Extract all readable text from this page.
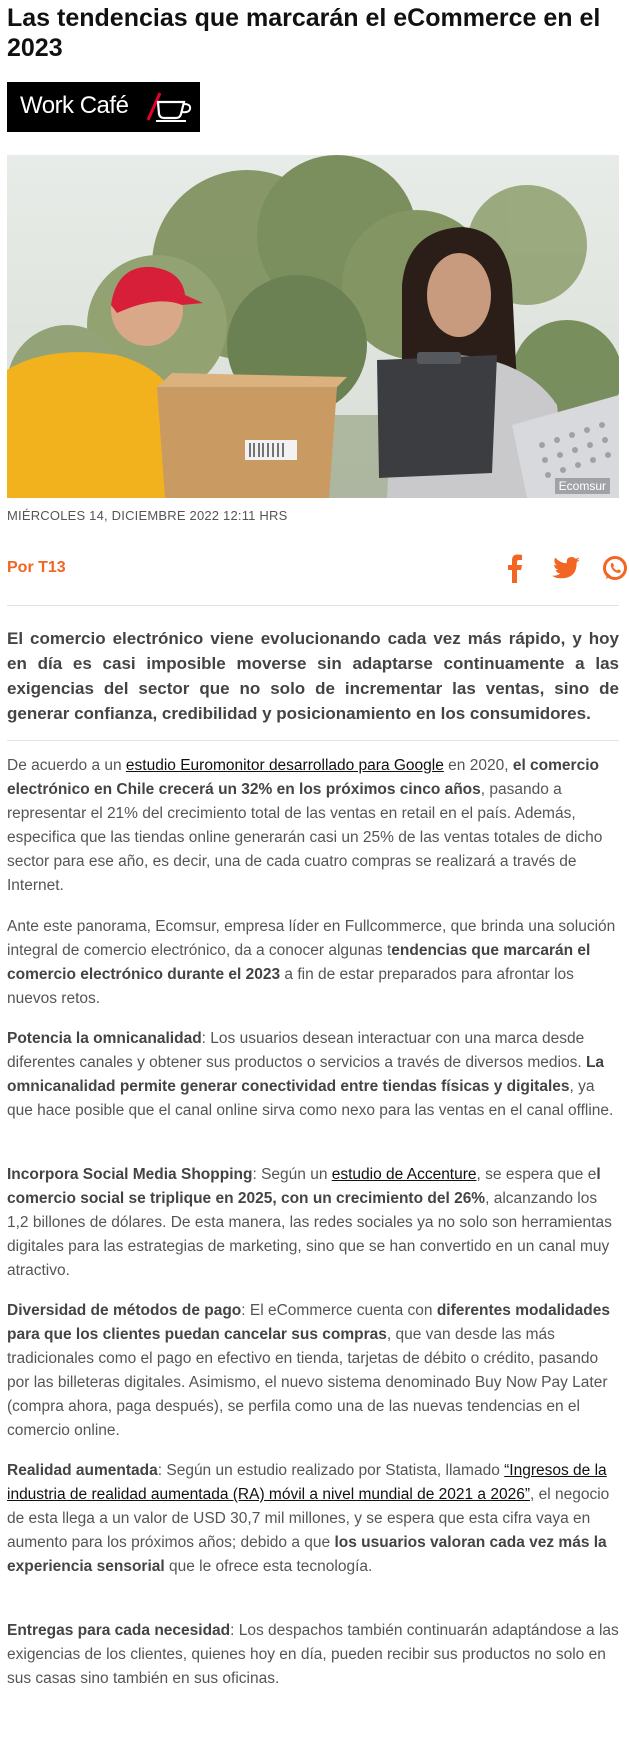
Las tendencias que marcarán el eCommerce en el 2023
Work Café
Ecomsur
MIÉRCOLES 14, DICIEMBRE 2022 12:11 HRS
Por T13
El comercio electrónico viene evolucionando cada vez más rápido, y hoy en día es casi imposible moverse sin adaptarse continuamente a las exigencias del sector que no solo de incrementar las ventas, sino de generar confianza, credibilidad y posicionamiento en los consumidores.

De acuerdo a un estudio Euromonitor desarrollado para Google en 2020, el comercio electrónico en Chile crecerá un 32% en los próximos cinco años, pasando a representar el 21% del crecimiento total de las ventas en retail en el país. Además, especifica que las tiendas online generarán casi un 25% de las ventas totales de dicho sector para ese año, es decir, una de cada cuatro compras se realizará a través de Internet.

Ante este panorama, Ecomsur, empresa líder en Fullcommerce, que brinda una solución integral de comercio electrónico, da a conocer algunas tendencias que marcarán el comercio electrónico durante el 2023 a fin de estar preparados para afrontar los nuevos retos.

Potencia la omnicanalidad: Los usuarios desean interactuar con una marca desde diferentes canales y obtener sus productos o servicios a través de diversos medios. La omnicanalidad permite generar conectividad entre tiendas físicas y digitales, ya que hace posible que el canal online sirva como nexo para las ventas en el canal offline.

Incorpora Social Media Shopping: Según un estudio de Accenture, se espera que el comercio social se triplique en 2025, con un crecimiento del 26%, alcanzando los 1,2 billones de dólares. De esta manera, las redes sociales ya no solo son herramientas digitales para las estrategias de marketing, sino que se han convertido en un canal muy atractivo.

Diversidad de métodos de pago: El eCommerce cuenta con diferentes modalidades para que los clientes puedan cancelar sus compras, que van desde las más tradicionales como el pago en efectivo en tienda, tarjetas de débito o crédito, pasando por las billeteras digitales. Asimismo, el nuevo sistema denominado Buy Now Pay Later (compra ahora, paga después), se perfila como una de las nuevas tendencias en el comercio online.

Realidad aumentada: Según un estudio realizado por Statista, llamado “Ingresos de la industria de realidad aumentada (RA) móvil a nivel mundial de 2021 a 2026”, el negocio de esta llega a un valor de USD 30,7 mil millones, y se espera que esta cifra vaya en aumento para los próximos años; debido a que los usuarios valoran cada vez más la experiencia sensorial que le ofrece esta tecnología.

Entregas para cada necesidad: Los despachos también continuarán adaptándose a las exigencias de los clientes, quienes hoy en día, pueden recibir sus productos no solo en sus casas sino también en sus oficinas.
